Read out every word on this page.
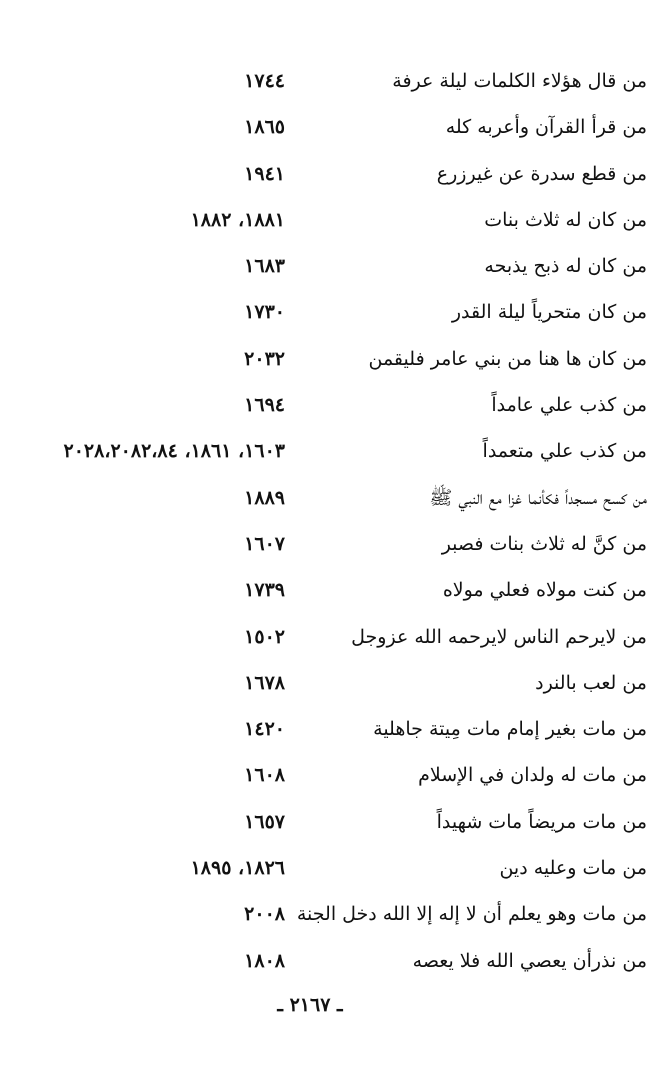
من قال هؤلاء الكلمات ليلة عرفة
١٧٤٤
من قرأ القرآن وأعربه كله
١٨٦٥
من قطع سدرة عن غيرزرع
١٩٤١
من كان له ثلاث بنات
١٨٨١، ١٨٨٢
من كان له ذبح يذبحه
١٦٨٣
من كان متحرياً ليلة القدر
١٧٣٠
من كان ها هنا من بني عامر فليقمن
٢٠٣٢
من كذب علي عامداً
١٦٩٤
من كذب علي متعمداً
١٦٠٣، ١٨٦١، ٢٠٢٨،٢٠٨٢،٨٤
من كسح مسجداً فكأنما غزا مع النبي ﷺ
١٨٨٩
من كنَّ له ثلاث بنات فصبر
١٦٠٧
من كنت مولاه فعلي مولاه
١٧٣٩
من لايرحم الناس لايرحمه الله عزوجل
١٥٠٢
من لعب بالنرد
١٦٧٨
من مات بغير إمام مات مِيتة جاهلية
١٤٢٠
من مات له ولدان في الإسلام
١٦٠٨
من مات مريضاً مات شهيداً
١٦٥٧
من مات وعليه دين
١٨٢٦، ١٨٩٥
من مات وهو يعلم أن لا إله إلا الله دخل الجنة
٢٠٠٨
من نذرأن يعصي الله فلا يعصه
١٨٠٨
ـ ٢١٦٧ ـ
